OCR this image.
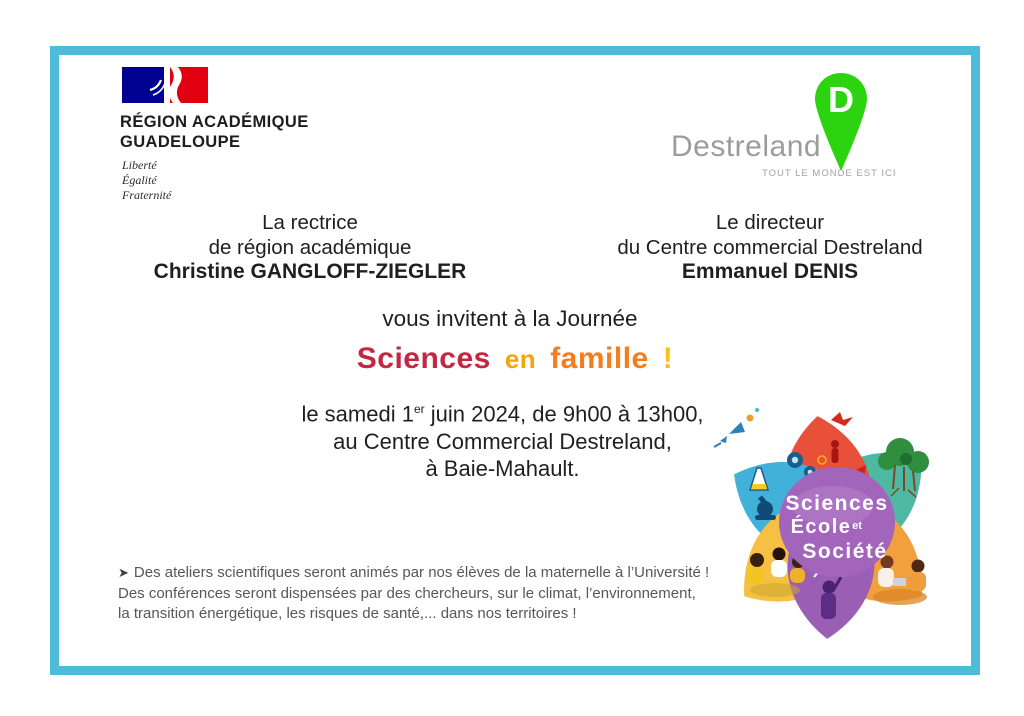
RÉGION ACADÉMIQUE
GUADELOUPE
Liberté
Égalité
Fraternité
Destreland
D
TOUT LE MONDE EST ICI
La rectrice
de région académique
Christine GANGLOFF-ZIEGLER
Le directeur
du Centre commercial Destreland
Emmanuel DENIS
vous invitent à la Journée
Sciences en famille !
le samedi 1er juin 2024, de 9h00 à 13h00,
au Centre Commercial Destreland,
à Baie-Mahault.
➤ Des ateliers scientifiques seront animés par nos élèves de la maternelle à l’Université !
Des conférences seront dispensées par des chercheurs, sur le climat, l’environnement,
la transition énergétique, les risques de santé,... dans nos territoires !
Sciences
École et
Société
